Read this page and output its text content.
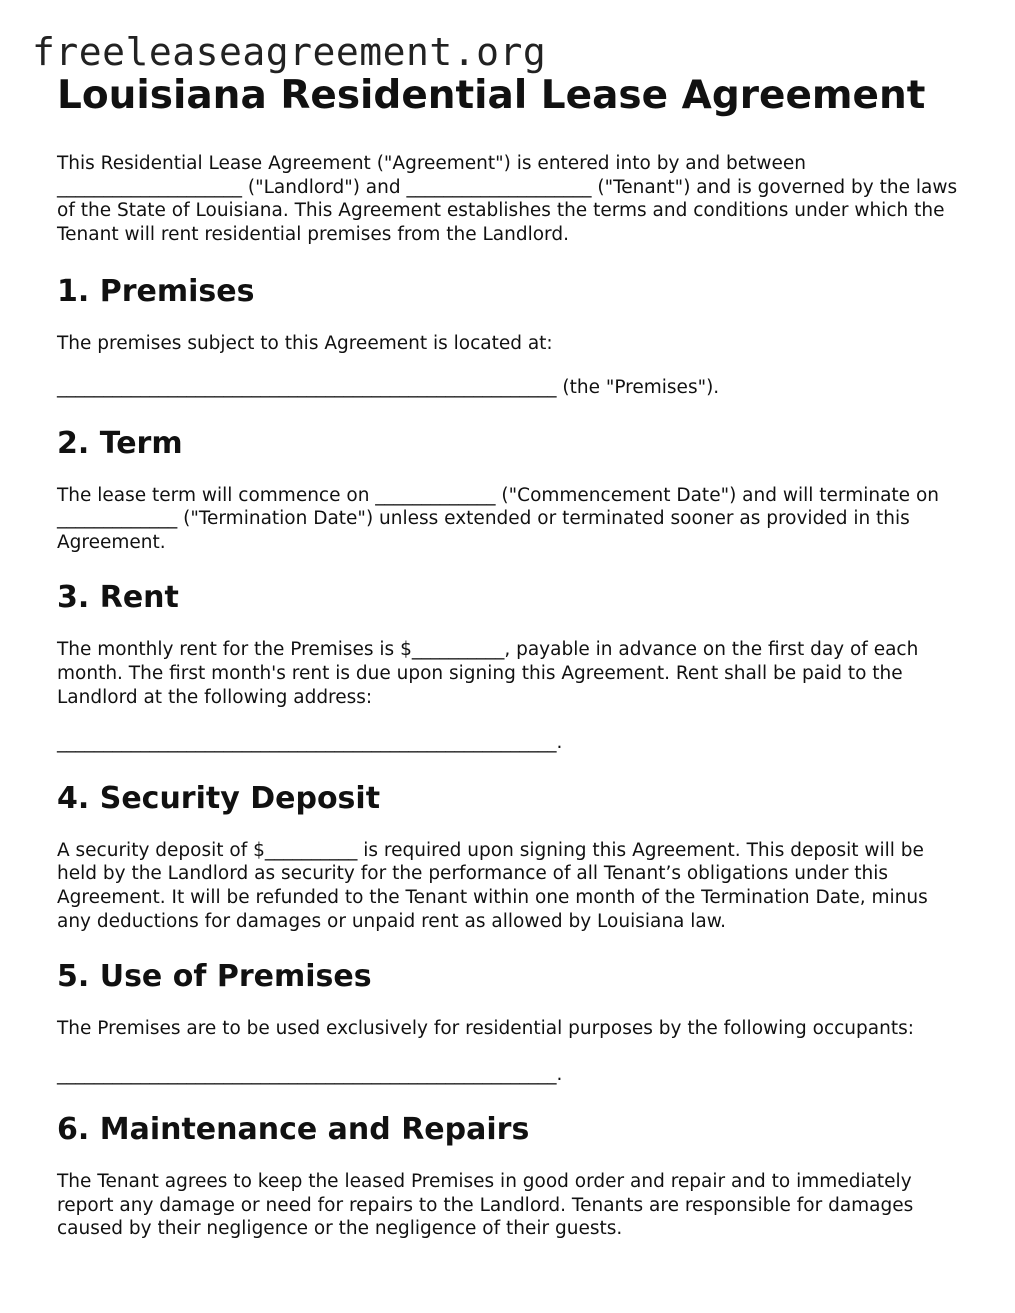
freeleaseagreement.org
Louisiana Residential Lease Agreement

This Residential Lease Agreement ("Agreement") is entered into by and between ____________________ ("Landlord") and ____________________ ("Tenant") and is governed by the laws of the State of Louisiana. This Agreement establishes the terms and conditions under which the Tenant will rent residential premises from the Landlord.

1. Premises

The premises subject to this Agreement is located at:

______________________________________________________ (the "Premises").

2. Term

The lease term will commence on _____________ ("Commencement Date") and will terminate on _____________ ("Termination Date") unless extended or terminated sooner as provided in this Agreement.

3. Rent

The monthly rent for the Premises is $__________, payable in advance on the first day of each month. The first month's rent is due upon signing this Agreement. Rent shall be paid to the Landlord at the following address:

______________________________________________________.

4. Security Deposit

A security deposit of $__________ is required upon signing this Agreement. This deposit will be held by the Landlord as security for the performance of all Tenant’s obligations under this Agreement. It will be refunded to the Tenant within one month of the Termination Date, minus any deductions for damages or unpaid rent as allowed by Louisiana law.

5. Use of Premises

The Premises are to be used exclusively for residential purposes by the following occupants:

______________________________________________________.

6. Maintenance and Repairs

The Tenant agrees to keep the leased Premises in good order and repair and to immediately report any damage or need for repairs to the Landlord. Tenants are responsible for damages caused by their negligence or the negligence of their guests.
